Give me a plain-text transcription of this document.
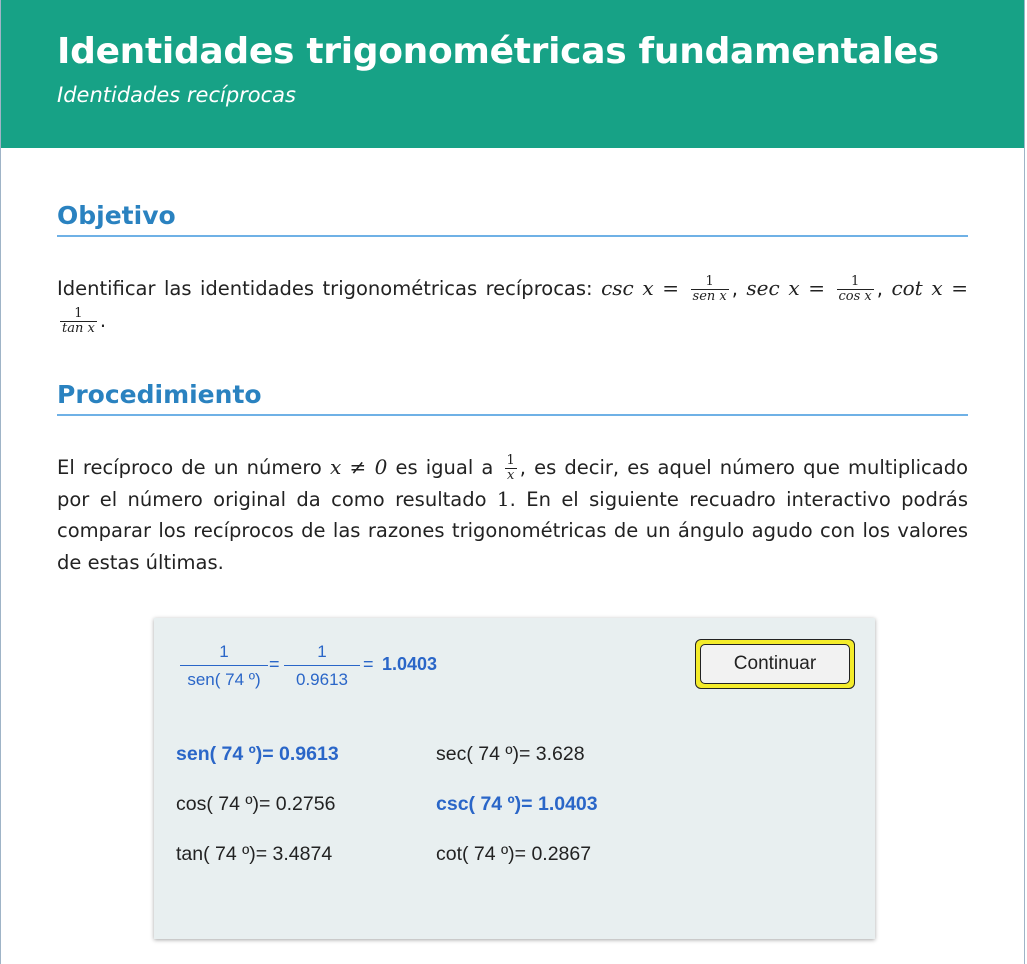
Identidades trigonométricas fundamentales
Identidades recíprocas
Objetivo

Identificar las identidades trigonométricas recíprocas: $\csc x = \frac{1}{\text{sen x}}$ , $\sec x = \frac{1}{\text{cos x}}$ , cot x =
$\frac{1}{\text{tan x}}$ .

Procedimiento

El recíproco de un número x ≠ 0 es igual a $\frac{1}{x}$ , es decir, es aquel número que multiplicado por el número original da como resultado 1. En el siguiente recuadro interactivo podrás comparar los recíprocos de las razones trigonométricas de un ángulo agudo con los valores de estas últimas.

1
sen( 74 º)
= $\frac{1}{0.9613} = 1.0403$	Continuar
sen( 74 º)= 0.9613
cos( 74 º)= 0.2756
tan( 74 º)= 3.4874
sec( 74 º)= 3.628
csc( 74 º)= 1.0403
cot( 74 º)= 0.2867
